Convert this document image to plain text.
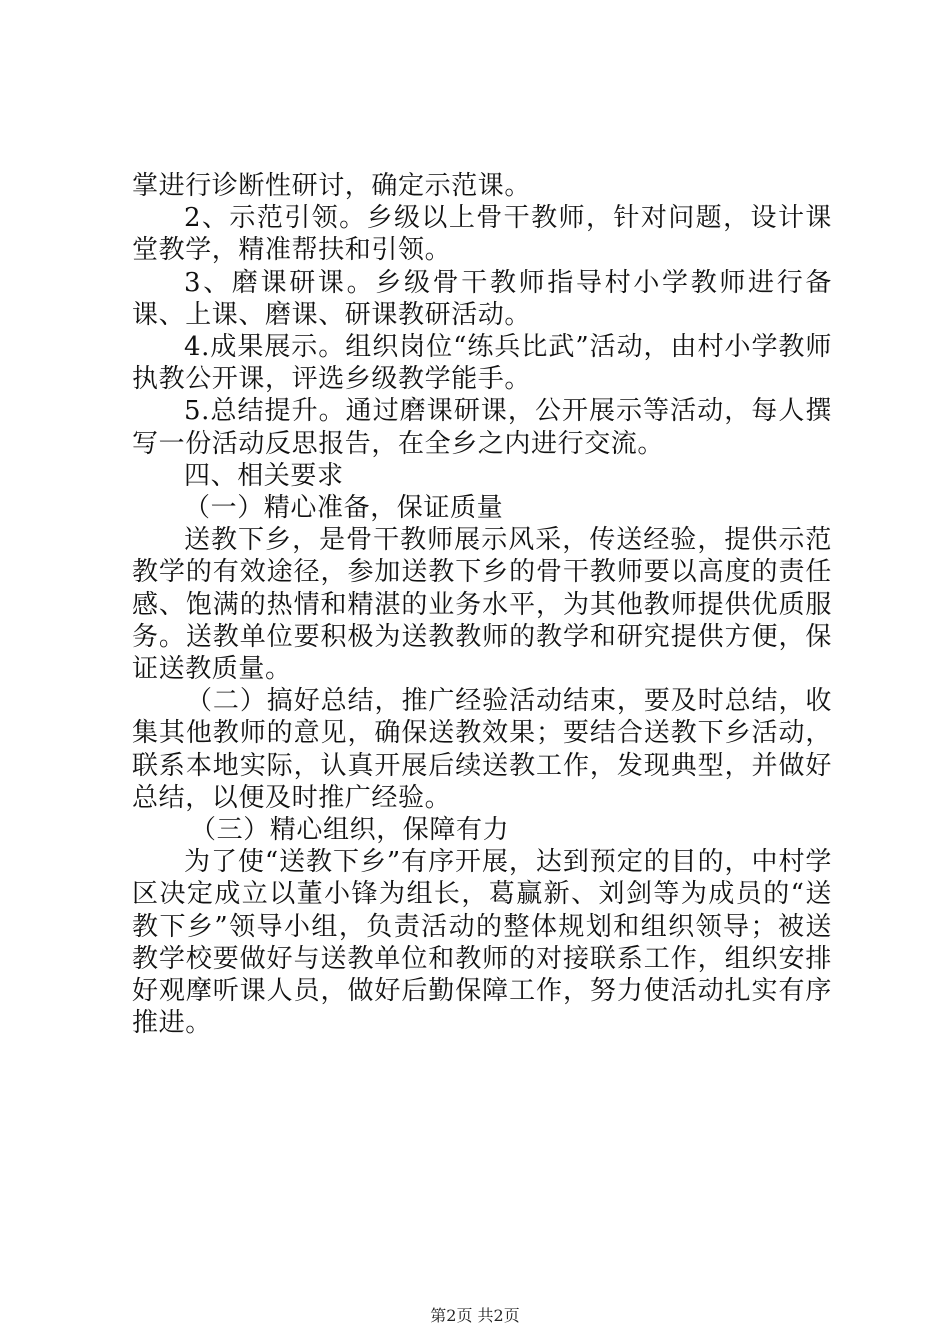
掌进行诊断性研讨，确定示范课。

2、示范引领。乡级以上骨干教师，针对问题，设计课堂教学，精准帮扶和引领。

3、磨课研课。乡级骨干教师指导村小学教师进行备课、上课、磨课、研课教研活动。

4.成果展示。组织岗位“练兵比武”活动，由村小学教师执教公开课，评选乡级教学能手。

5.总结提升。通过磨课研课，公开展示等活动，每人撰写一份活动反思报告，在全乡之内进行交流。

四、相关要求

（一）精心准备，保证质量

送教下乡，是骨干教师展示风采，传送经验，提供示范教学的有效途径，参加送教下乡的骨干教师要以高度的责任感、饱满的热情和精湛的业务水平，为其他教师提供优质服务。送教单位要积极为送教教师的教学和研究提供方便，保证送教质量。

（二）搞好总结，推广经验活动结束，要及时总结，收集其他教师的意见，确保送教效果；要结合送教下乡活动，联系本地实际，认真开展后续送教工作，发现典型，并做好总结，以便及时推广经验。

（三）精心组织，保障有力

为了使“送教下乡”有序开展，达到预定的目的，中村学区决定成立以董小锋为组长，葛赢新、刘剑等为成员的“送教下乡”领导小组，负责活动的整体规划和组织领导；被送教学校要做好与送教单位和教师的对接联系工作，组织安排好观摩听课人员，做好后勤保障工作，努力使活动扎实有序推进。

第2页 共2页
